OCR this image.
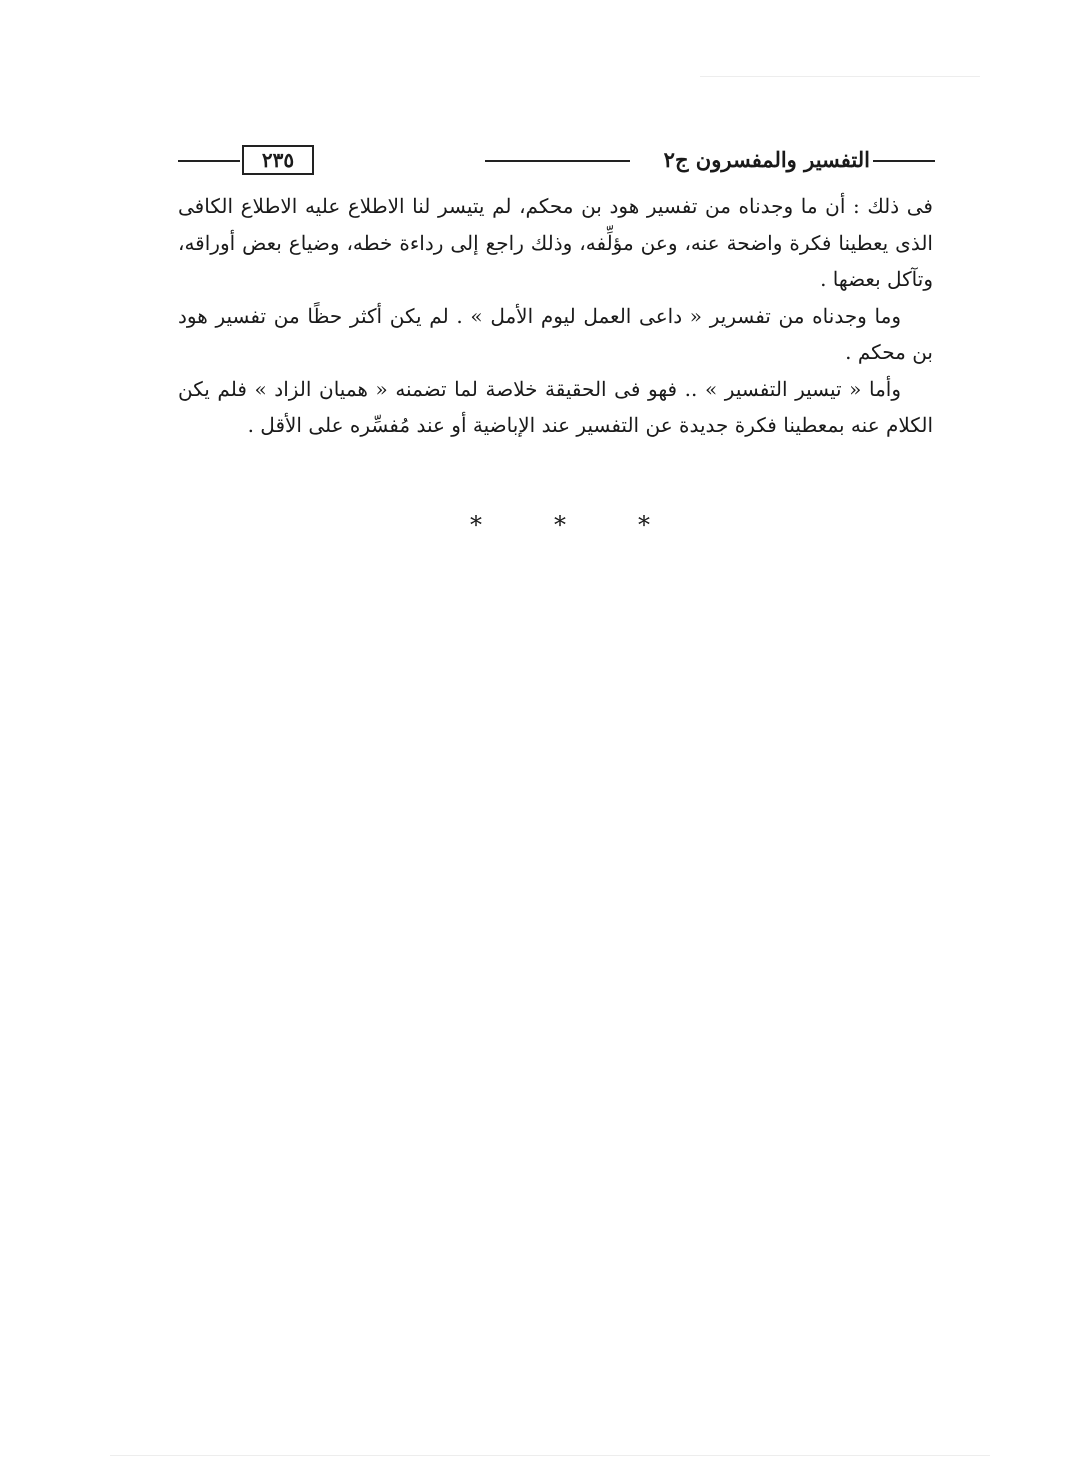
التفسير والمفسرون ج٢
٢٣٥

فى ذلك : أن ما وجدناه من تفسير هود بن محكم، لم يتيسر لنا الاطلاع عليه الاطلاع الكافى الذى يعطينا فكرة واضحة عنه، وعن مؤلِّفه، وذلك راجع إلى رداءة خطه، وضياع بعض أوراقه، وتآكل بعضها .

وما وجدناه من تفسرير « داعى العمل ليوم الأمل » . لم يكن أكثر حظًا من تفسير هود بن محكم .

وأما « تيسير التفسير » .. فهو فى الحقيقة خلاصة لما تضمنه « هميان الزاد » فلم يكن الكلام عنه بمعطينا فكرة جديدة عن التفسير عند الإباضية أو عند مُفسِّره على الأقل .

*	*	*
